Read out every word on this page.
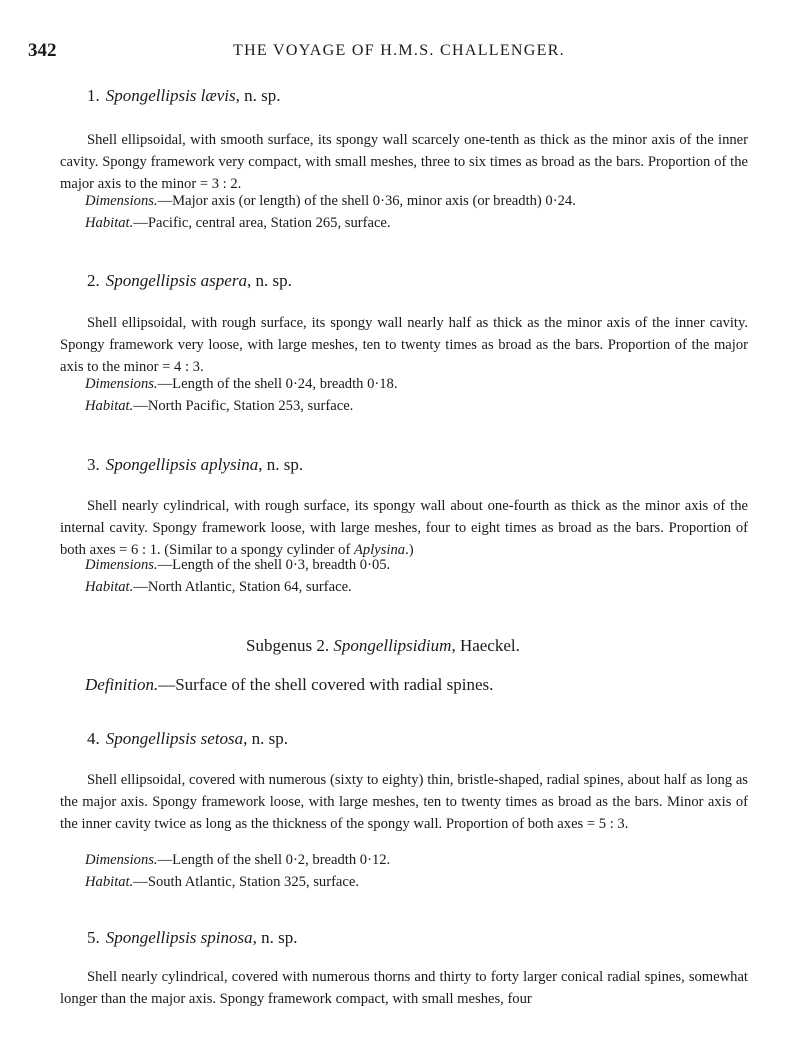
342	THE VOYAGE OF H.M.S. CHALLENGER.
1. Spongellipsis lævis, n. sp.

Shell ellipsoidal, with smooth surface, its spongy wall scarcely one-tenth as thick as the minor axis of the inner cavity. Spongy framework very compact, with small meshes, three to six times as broad as the bars. Proportion of the major axis to the minor = 3 : 2.

Dimensions.—Major axis (or length) of the shell 0·36, minor axis (or breadth) 0·24.
Habitat.—Pacific, central area, Station 265, surface.
2. Spongellipsis aspera, n. sp.

Shell ellipsoidal, with rough surface, its spongy wall nearly half as thick as the minor axis of the inner cavity. Spongy framework very loose, with large meshes, ten to twenty times as broad as the bars. Proportion of the major axis to the minor = 4 : 3.

Dimensions.—Length of the shell 0·24, breadth 0·18.
Habitat.—North Pacific, Station 253, surface.
3. Spongellipsis aplysina, n. sp.

Shell nearly cylindrical, with rough surface, its spongy wall about one-fourth as thick as the minor axis of the internal cavity. Spongy framework loose, with large meshes, four to eight times as broad as the bars. Proportion of both axes = 6 : 1. (Similar to a spongy cylinder of Aplysina.)

Dimensions.—Length of the shell 0·3, breadth 0·05.
Habitat.—North Atlantic, Station 64, surface.
Subgenus 2. Spongellipsidium, Haeckel.
Definition.—Surface of the shell covered with radial spines.
4. Spongellipsis setosa, n. sp.

Shell ellipsoidal, covered with numerous (sixty to eighty) thin, bristle-shaped, radial spines, about half as long as the major axis. Spongy framework loose, with large meshes, ten to twenty times as broad as the bars. Minor axis of the inner cavity twice as long as the thickness of the spongy wall. Proportion of both axes = 5 : 3.

Dimensions.—Length of the shell 0·2, breadth 0·12.
Habitat.—South Atlantic, Station 325, surface.
5. Spongellipsis spinosa, n. sp.

Shell nearly cylindrical, covered with numerous thorns and thirty to forty larger conical radial spines, somewhat longer than the major axis. Spongy framework compact, with small meshes, four
